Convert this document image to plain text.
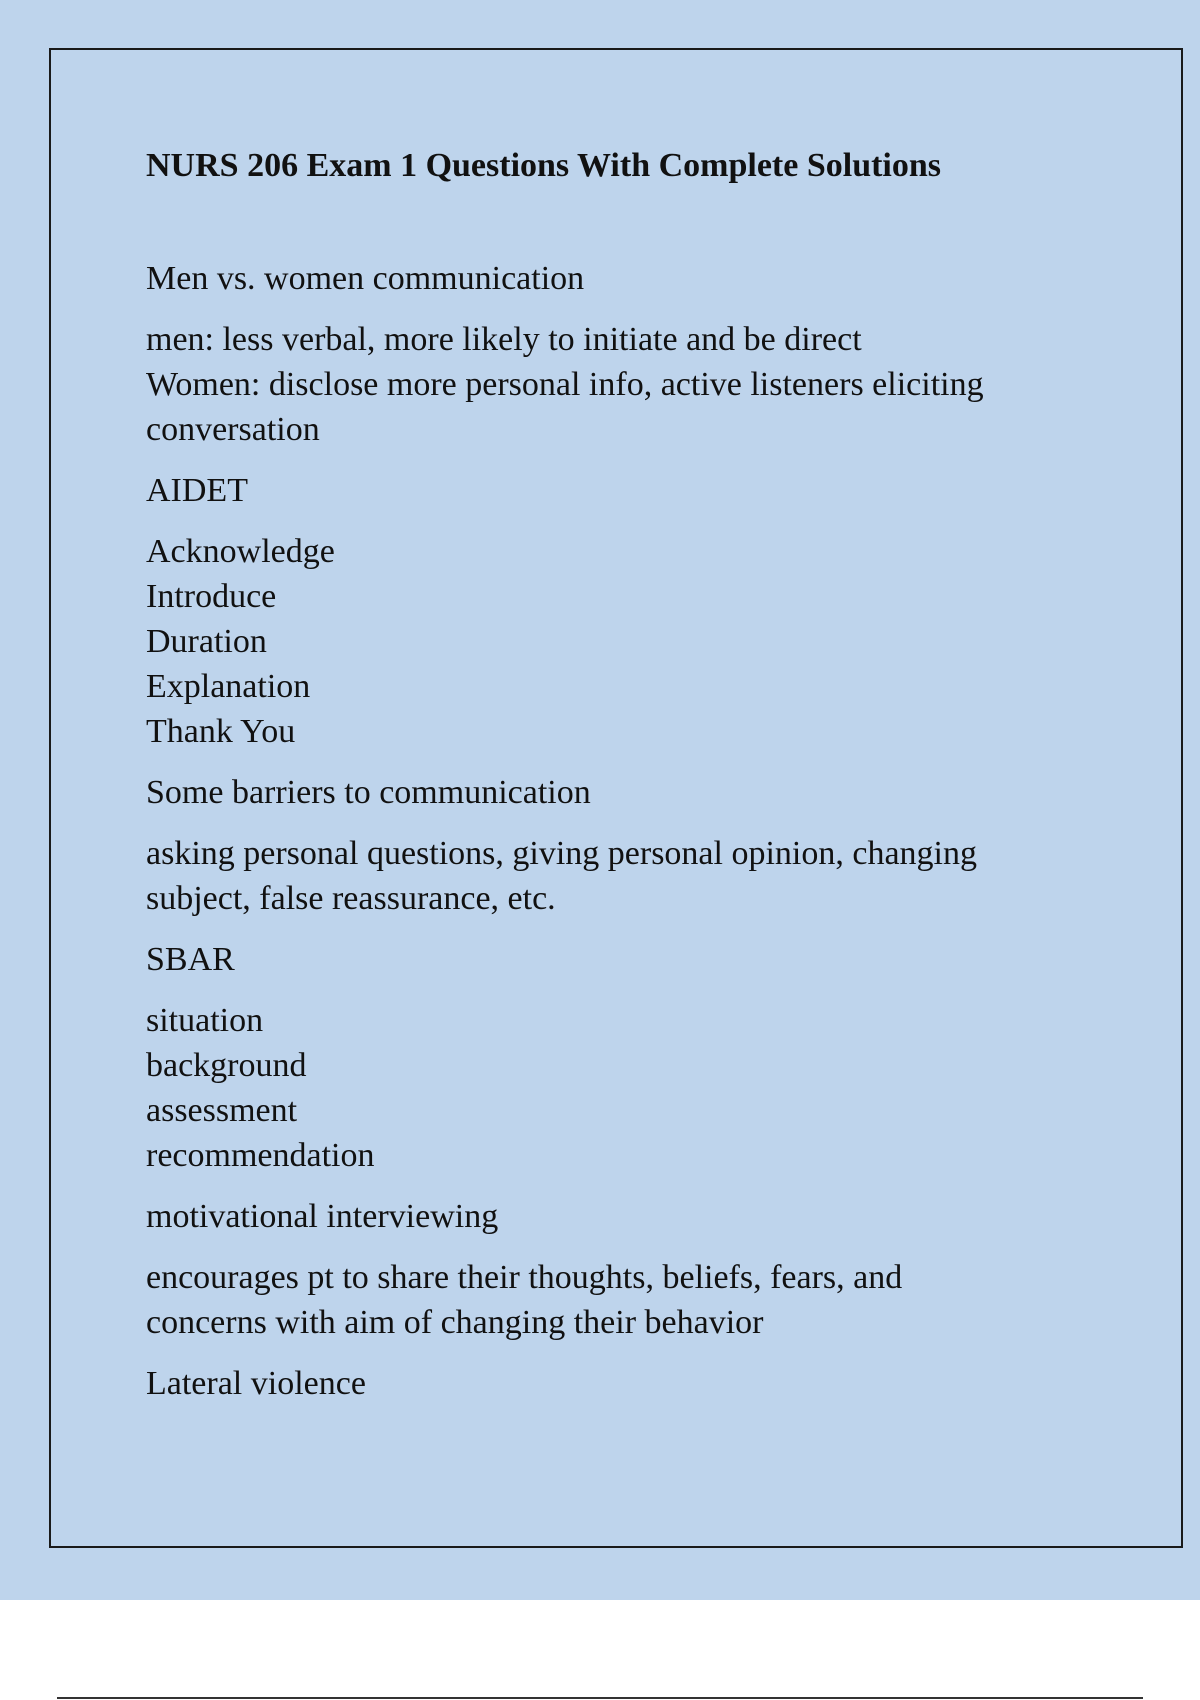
NURS 206 Exam 1 Questions With Complete Solutions
Men vs. women communication
men: less verbal, more likely to initiate and be direct
Women: disclose more personal info, active listeners eliciting
conversation
AIDET
Acknowledge
Introduce
Duration
Explanation
Thank You
Some barriers to communication
asking personal questions, giving personal opinion, changing
subject, false reassurance, etc.
SBAR
situation
background
assessment
recommendation
motivational interviewing
encourages pt to share their thoughts, beliefs, fears, and
concerns with aim of changing their behavior
Lateral violence
